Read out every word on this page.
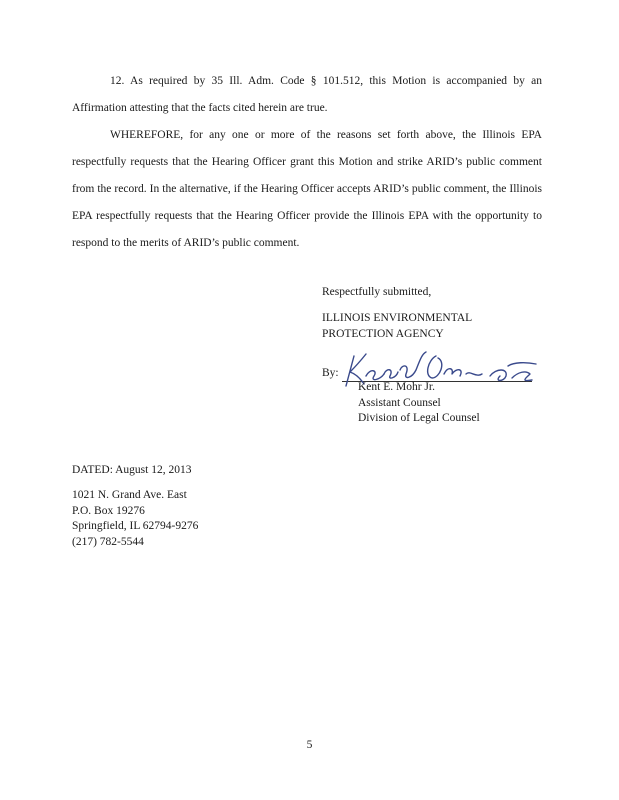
12. As required by 35 Ill. Adm. Code § 101.512, this Motion is accompanied by an Affirmation attesting that the facts cited herein are true.

WHEREFORE, for any one or more of the reasons set forth above, the Illinois EPA respectfully requests that the Hearing Officer grant this Motion and strike ARID’s public comment from the record. In the alternative, if the Hearing Officer accepts ARID’s public comment, the Illinois EPA respectfully requests that the Hearing Officer provide the Illinois EPA with the opportunity to respond to the merits of ARID’s public comment.

Respectfully submitted,
ILLINOIS ENVIRONMENTAL
PROTECTION AGENCY
By:
Kent E. Mohr Jr.
Assistant Counsel
Division of Legal Counsel
DATED: August 12, 2013
1021 N. Grand Ave. East
P.O. Box 19276
Springfield, IL 62794-9276
(217) 782-5544
5
